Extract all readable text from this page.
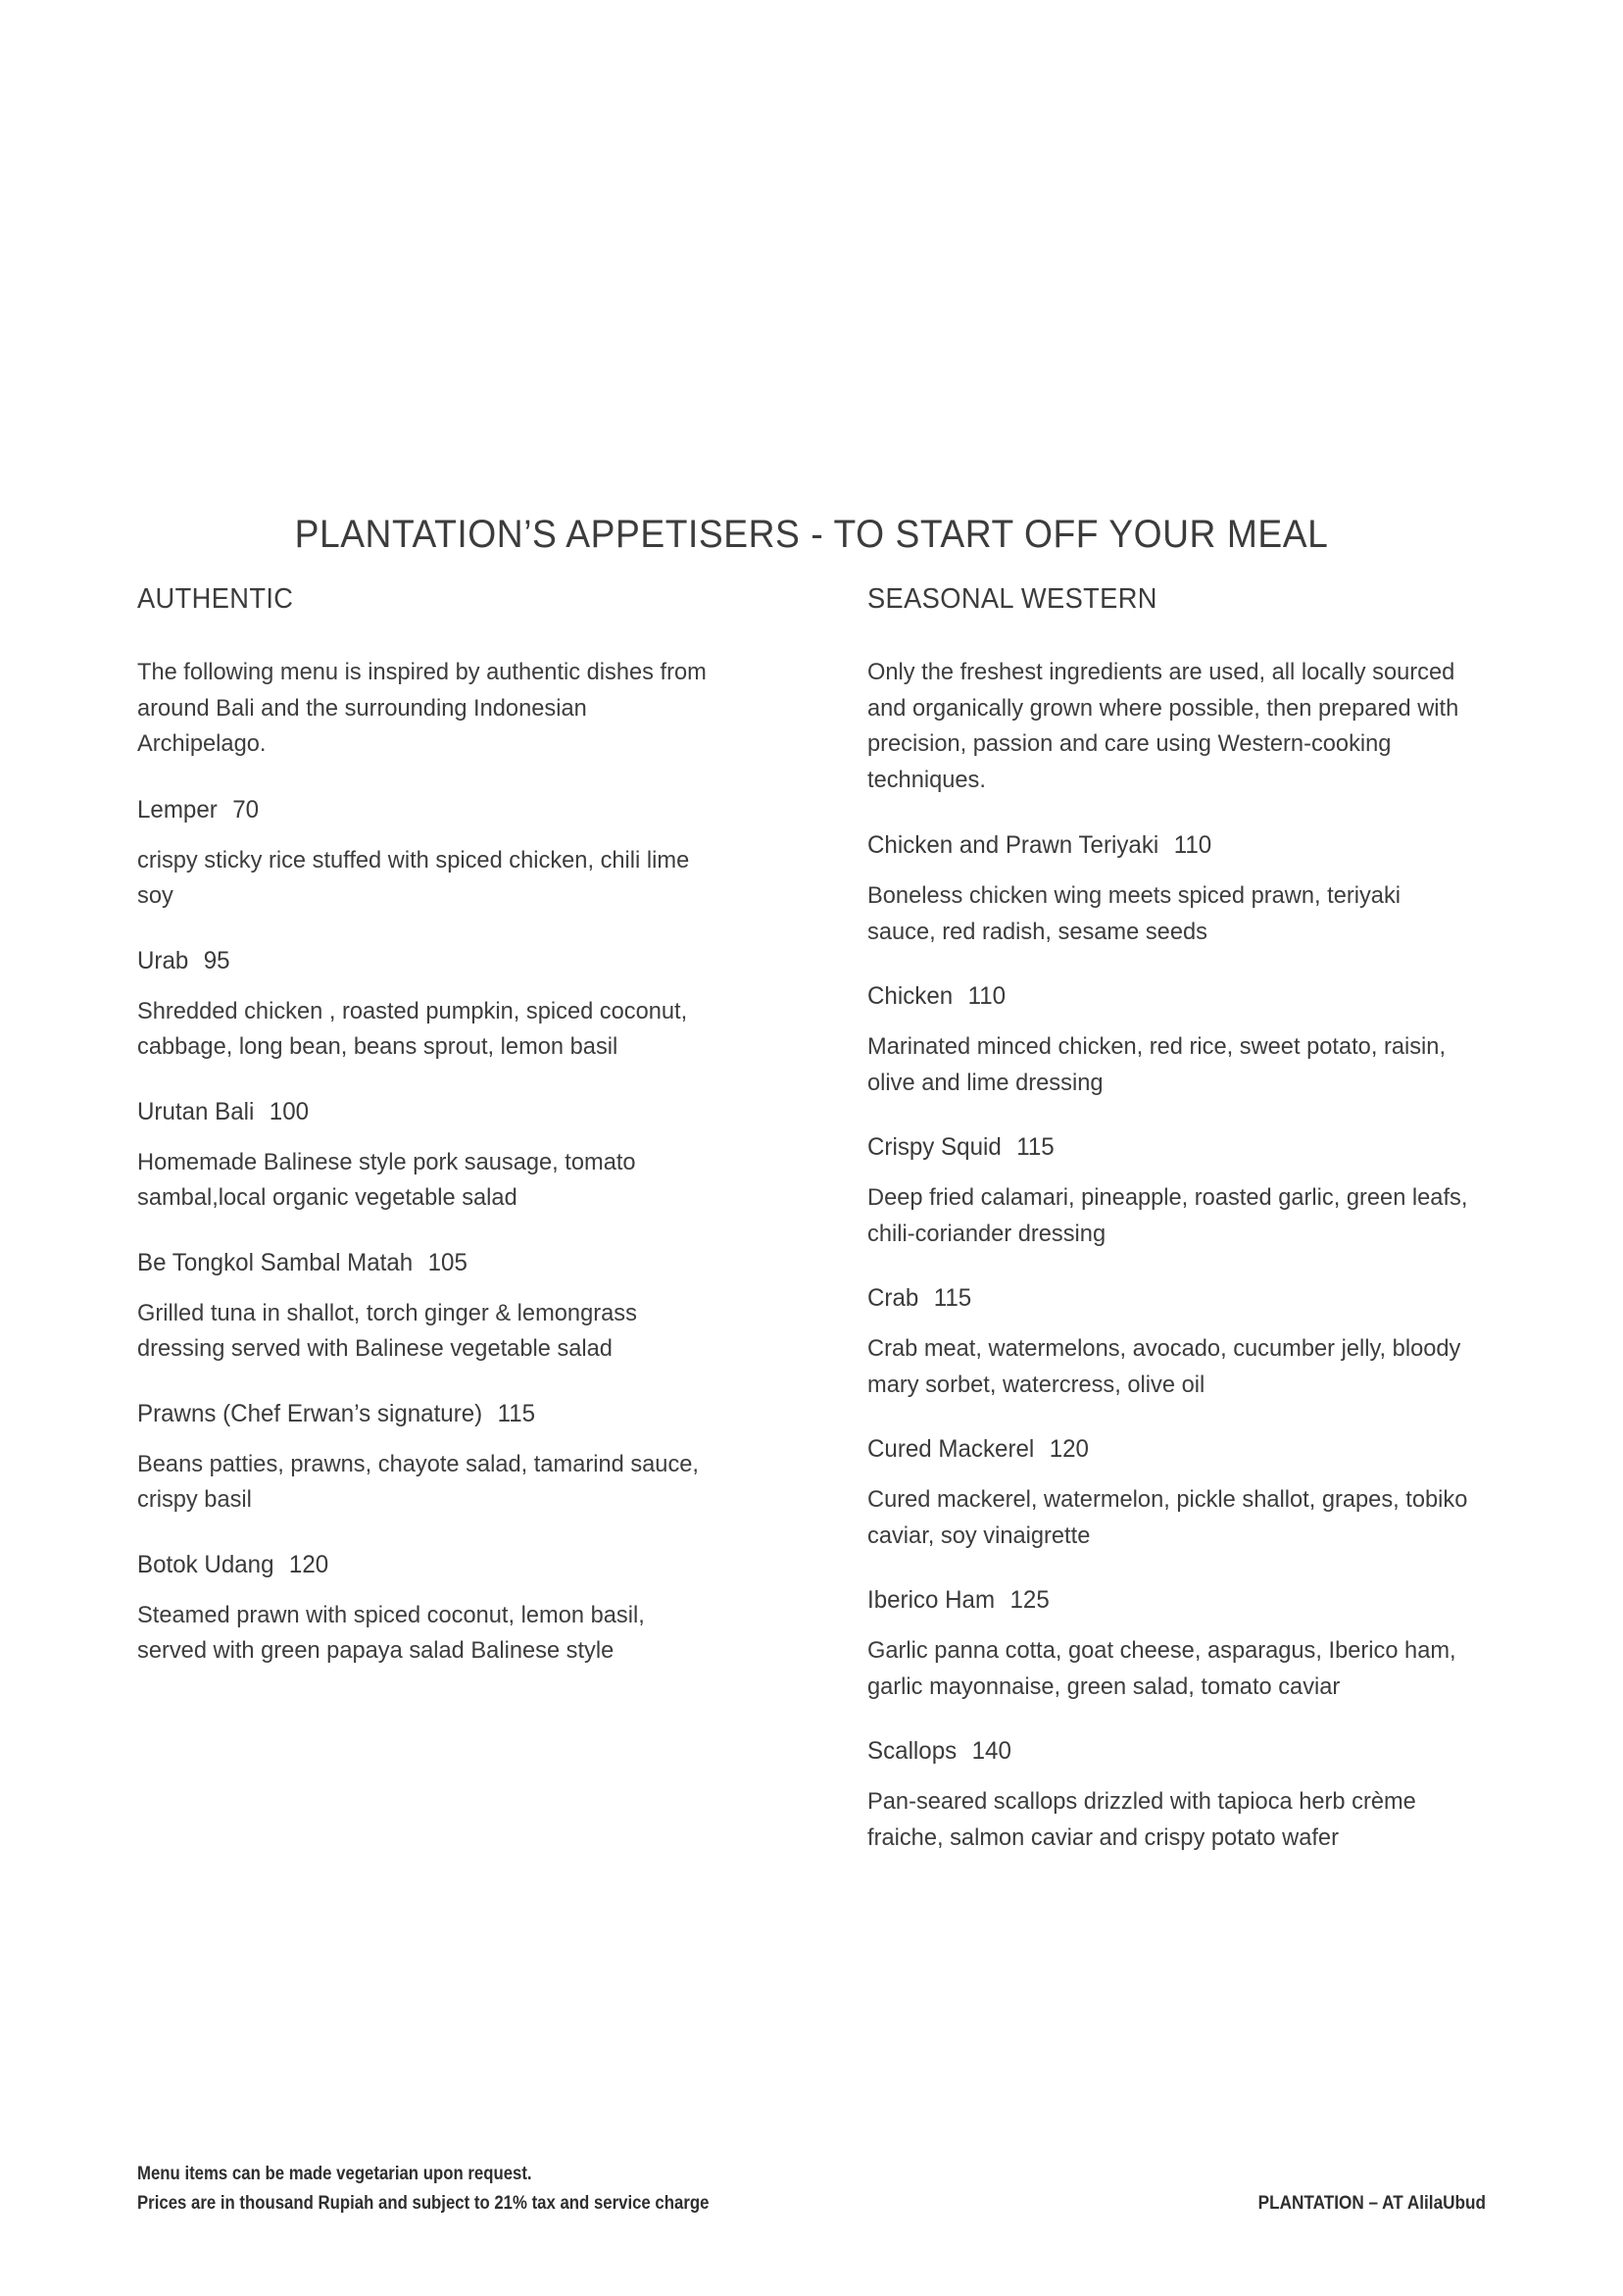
PLANTATION’S APPETISERS - TO START OFF YOUR MEAL
AUTHENTIC

The following menu is inspired by authentic dishes from around Bali and the surrounding Indonesian Archipelago.

Lemper 70

crispy sticky rice stuffed with spiced chicken, chili lime soy

Urab 95

Shredded chicken , roasted pumpkin, spiced coconut, cabbage, long bean, beans sprout, lemon basil

Urutan Bali 100

Homemade Balinese style pork sausage, tomato sambal,local organic vegetable salad

Be Tongkol Sambal Matah 105

Grilled tuna in shallot, torch ginger & lemongrass dressing served with Balinese vegetable salad

Prawns (Chef Erwan’s signature) 115

Beans patties, prawns, chayote salad, tamarind sauce, crispy basil

Botok Udang 120

Steamed prawn with spiced coconut, lemon basil, served with green papaya salad Balinese style

SEASONAL WESTERN

Only the freshest ingredients are used, all locally sourced and organically grown where possible, then prepared with precision, passion and care using Western-cooking techniques.

Chicken and Prawn Teriyaki 110

Boneless chicken wing meets spiced prawn, teriyaki sauce, red radish, sesame seeds

Chicken 110

Marinated minced chicken, red rice, sweet potato, raisin, olive and lime dressing

Crispy Squid 115

Deep fried calamari, pineapple, roasted garlic, green leafs, chili-coriander dressing

Crab 115

Crab meat, watermelons, avocado, cucumber jelly, bloody mary sorbet, watercress, olive oil

Cured Mackerel 120

Cured mackerel, watermelon, pickle shallot, grapes, tobiko caviar, soy vinaigrette

Iberico Ham 125

Garlic panna cotta, goat cheese, asparagus, Iberico ham, garlic mayonnaise, green salad, tomato caviar

Scallops 140

Pan-seared scallops drizzled with tapioca herb crème fraiche, salmon caviar and crispy potato wafer

Menu items can be made vegetarian upon request.
Prices are in thousand Rupiah and subject to 21% tax and service charge	PLANTATION – AT AlilaUbud
